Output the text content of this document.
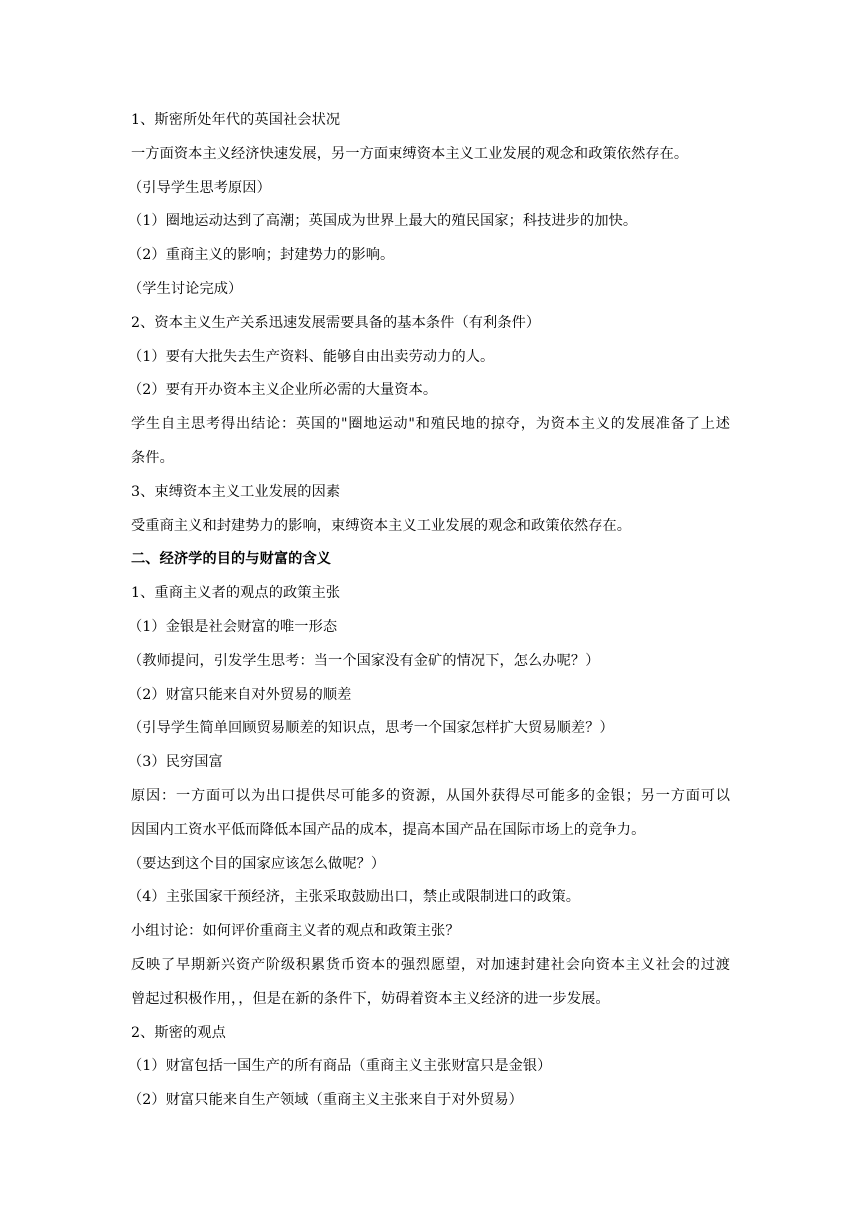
1、斯密所处年代的英国社会状况
一方面资本主义经济快速发展，另一方面束缚资本主义工业发展的观念和政策依然存在。
（引导学生思考原因）
（1）圈地运动达到了高潮；英国成为世界上最大的殖民国家；科技进步的加快。
（2）重商主义的影响；封建势力的影响。
（学生讨论完成）
2、资本主义生产关系迅速发展需要具备的基本条件（有利条件）
（1）要有大批失去生产资料、能够自由出卖劳动力的人。
（2）要有开办资本主义企业所必需的大量资本。
学生自主思考得出结论：英国的"圈地运动"和殖民地的掠夺，为资本主义的发展准备了上述
条件。
3、束缚资本主义工业发展的因素
受重商主义和封建势力的影响，束缚资本主义工业发展的观念和政策依然存在。
二、经济学的目的与财富的含义
1、重商主义者的观点的政策主张
（1）金银是社会财富的唯一形态
（教师提问，引发学生思考：当一个国家没有金矿的情况下，怎么办呢？）
（2）财富只能来自对外贸易的顺差
（引导学生简单回顾贸易顺差的知识点，思考一个国家怎样扩大贸易顺差？）
（3）民穷国富
原因：一方面可以为出口提供尽可能多的资源，从国外获得尽可能多的金银；另一方面可以
因国内工资水平低而降低本国产品的成本，提高本国产品在国际市场上的竞争力。
（要达到这个目的国家应该怎么做呢？）
（4）主张国家干预经济，主张采取鼓励出口，禁止或限制进口的政策。
小组讨论：如何评价重商主义者的观点和政策主张？
反映了早期新兴资产阶级积累货币资本的强烈愿望，对加速封建社会向资本主义社会的过渡
曾起过积极作用，，但是在新的条件下，妨碍着资本主义经济的进一步发展。
2、斯密的观点
（1）财富包括一国生产的所有商品（重商主义主张财富只是金银）
（2）财富只能来自生产领域（重商主义主张来自于对外贸易）
